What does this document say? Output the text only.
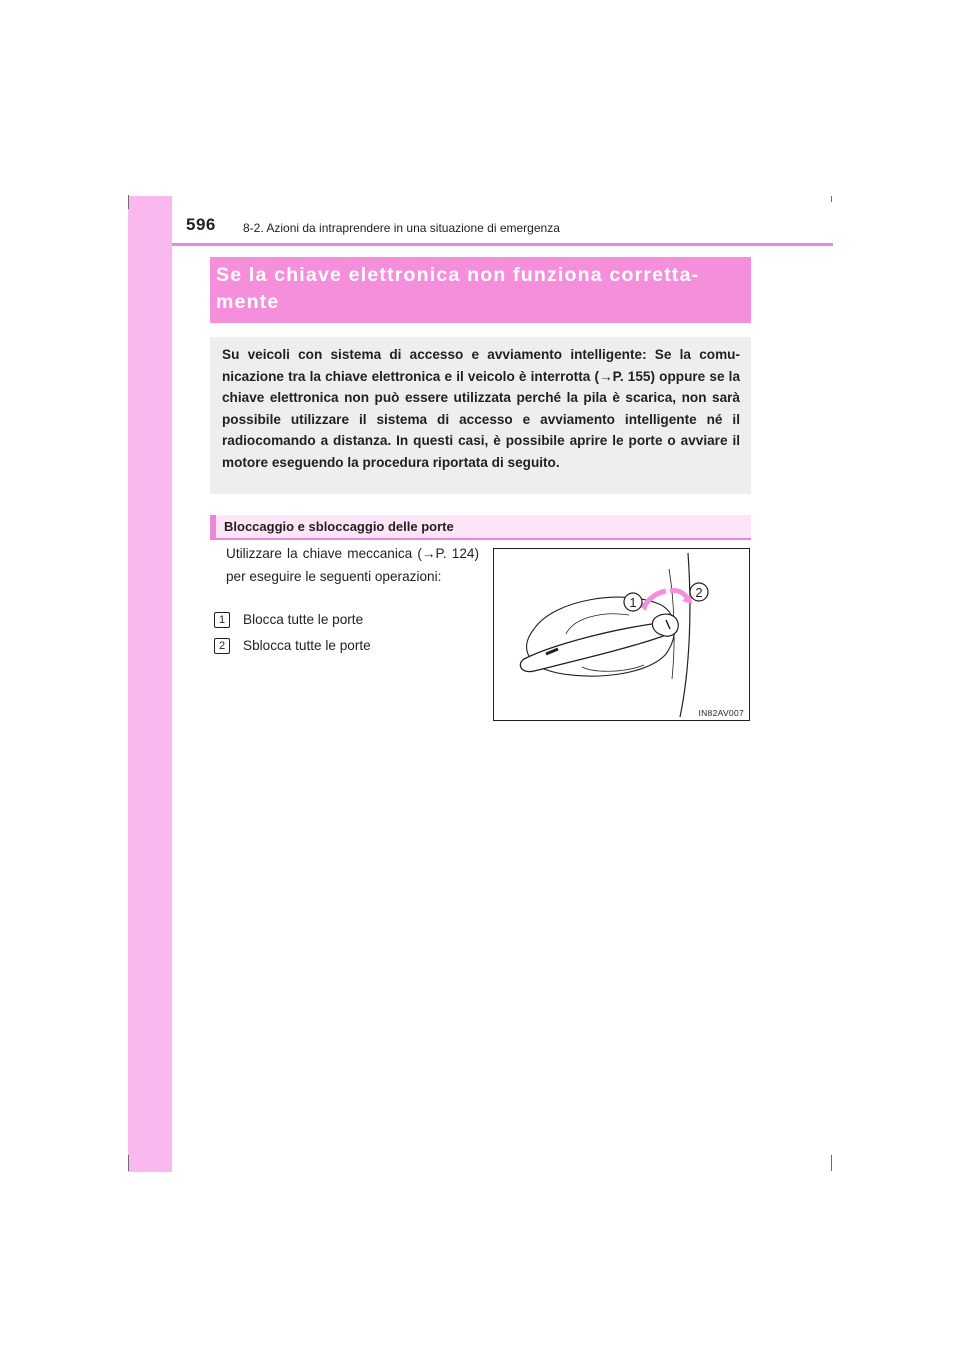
596 8-2. Azioni da intraprendere in una situazione di emergenza

Se la chiave elettronica non funziona corretta-mente

Su veicoli con sistema di accesso e avviamento intelligente: Se la comu-nicazione tra la chiave elettronica e il veicolo è interrotta (→P. 155) oppure se la chiave elettronica non può essere utilizzata perché la pila è scarica, non sarà possibile utilizzare il sistema di accesso e avviamento intelligente né il radiocomando a distanza. In questi casi, è possibile aprire le porte o avviare il motore eseguendo la procedura riportata di seguito.

Bloccaggio e sbloccaggio delle porte

Utilizzare la chiave meccanica (→P. 124) per eseguire le seguenti operazioni:

1	Blocca tutte le porte
2	Sblocca tutte le porte
1
2
IN82AV007
